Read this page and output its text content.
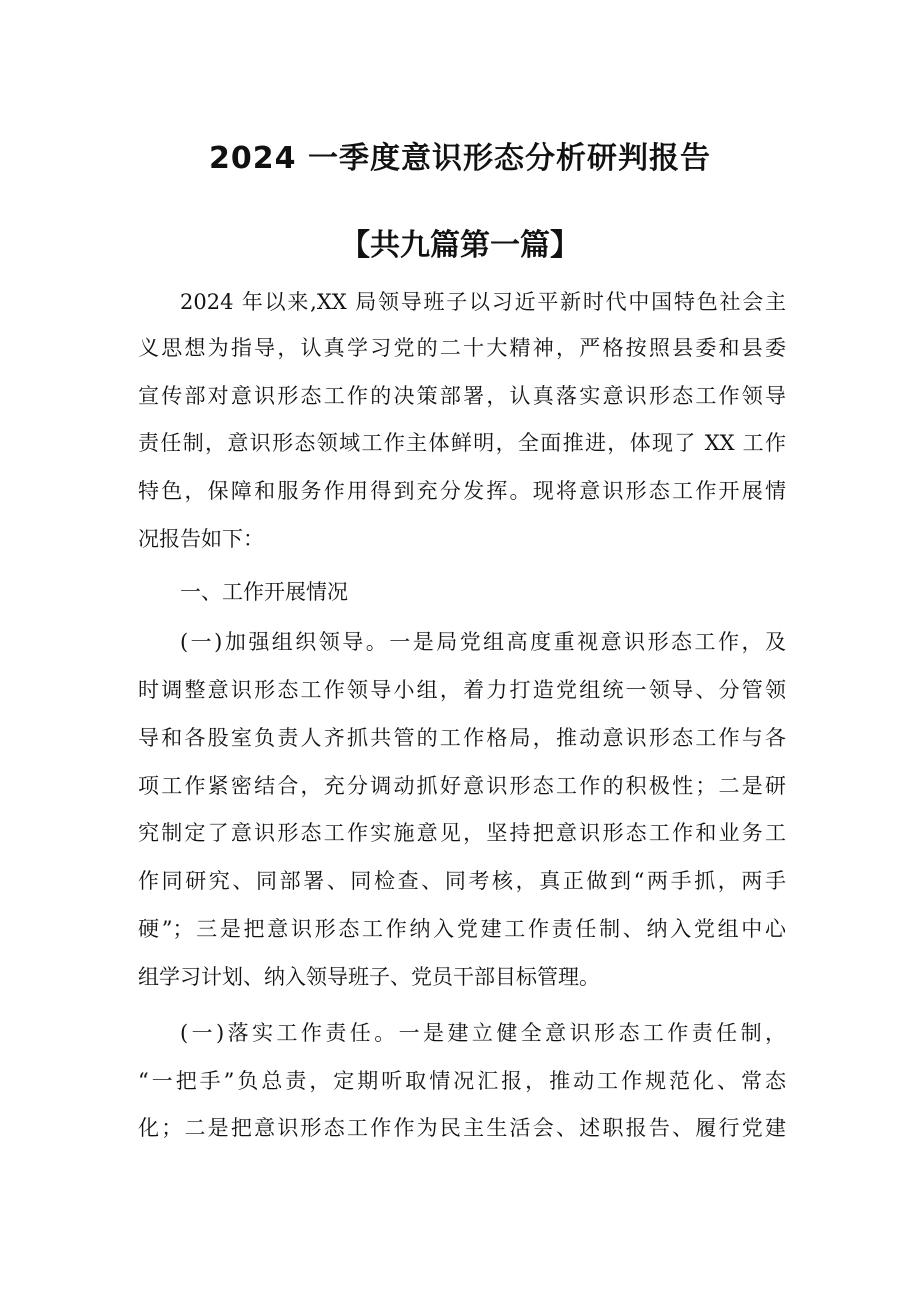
2024 一季度意识形态分析研判报告
【共九篇第一篇】
2024 年以来,XX 局领导班子以习近平新时代中国特色社会主
义思想为指导，认真学习党的二十大精神，严格按照县委和县委
宣传部对意识形态工作的决策部署，认真落实意识形态工作领导
责任制，意识形态领域工作主体鲜明，全面推进，体现了 XX 工作
特色，保障和服务作用得到充分发挥。现将意识形态工作开展情
况报告如下：
一、工作开展情况
(一)加强组织领导。一是局党组高度重视意识形态工作，及
时调整意识形态工作领导小组，着力打造党组统一领导、分管领
导和各股室负责人齐抓共管的工作格局，推动意识形态工作与各
项工作紧密结合，充分调动抓好意识形态工作的积极性；二是研
究制定了意识形态工作实施意见，坚持把意识形态工作和业务工
作同研究、同部署、同检查、同考核，真正做到“两手抓，两手
硬”；三是把意识形态工作纳入党建工作责任制、纳入党组中心
组学习计划、纳入领导班子、党员干部目标管理。
(一)落实工作责任。一是建立健全意识形态工作责任制，
“一把手”负总责，定期听取情况汇报，推动工作规范化、常态
化；二是把意识形态工作作为民主生活会、述职报告、履行党建
